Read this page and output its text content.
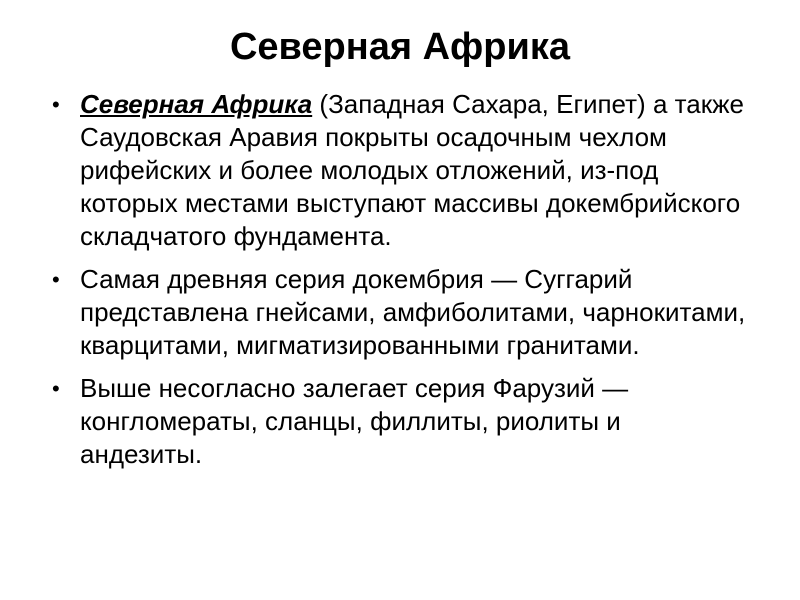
Северная Африка
• Северная Африка (Западная Сахара, Египет) а также Саудовская Аравия покрыты осадочным чехлом рифейских и более молодых отложений, из-под которых местами выступают массивы докембрийского складчатого фундамента.
• Самая древняя серия докембрия — Суггарий представлена гнейсами, амфиболитами, чарнокитами, кварцитами, мигматизированными гранитами.
• Выше несогласно залегает серия Фарузий — конгломераты, сланцы, филлиты, риолиты и андезиты.
